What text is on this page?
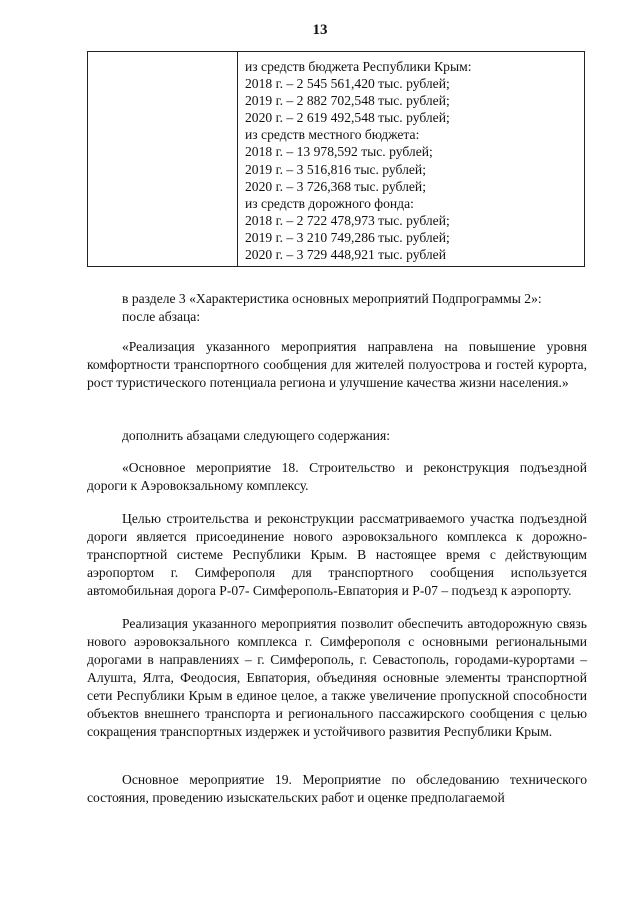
13
из средств бюджета Республики Крым:
2018 г. – 2 545 561,420 тыс. рублей;
2019 г. – 2 882 702,548 тыс. рублей;
2020 г. – 2 619 492,548 тыс. рублей;
из средств местного бюджета:
2018 г. – 13 978,592 тыс. рублей;
2019 г. – 3 516,816 тыс. рублей;
2020 г. – 3 726,368 тыс. рублей;
из средств дорожного фонда:
2018 г. – 2 722 478,973 тыс. рублей;
2019 г. – 3 210 749,286 тыс. рублей;
2020 г. – 3 729 448,921 тыс. рублей
в разделе 3 «Характеристика основных мероприятий Подпрограммы 2»:
после абзаца:
«Реализация указанного мероприятия направлена на повышение уровня комфортности транспортного сообщения для жителей полуострова и гостей курорта, рост туристического потенциала региона и улучшение качества жизни населения.»
дополнить абзацами следующего содержания:
«Основное мероприятие 18. Строительство и реконструкция подъездной дороги к Аэровокзальному комплексу.
Целью строительства и реконструкции рассматриваемого участка подъездной дороги является присоединение нового аэровокзального комплекса к дорожно-транспортной системе Республики Крым. В настоящее время с действующим аэропортом г. Симферополя для транспортного сообщения используется автомобильная дорога Р-07- Симферополь-Евпатория и Р-07 – подъезд к аэропорту.
Реализация указанного мероприятия позволит обеспечить автодорожную связь нового аэровокзального комплекса г. Симферополя с основными региональными дорогами в направлениях – г. Симферополь, г. Севастополь, городами-курортами – Алушта, Ялта, Феодосия, Евпатория, объединяя основные элементы транспортной сети Республики Крым в единое целое, а также увеличение пропускной способности объектов внешнего транспорта и регионального пассажирского сообщения с целью сокращения транспортных издержек и устойчивого развития Республики Крым.
Основное мероприятие 19. Мероприятие по обследованию технического состояния, проведению изыскательских работ и оценке предполагаемой
